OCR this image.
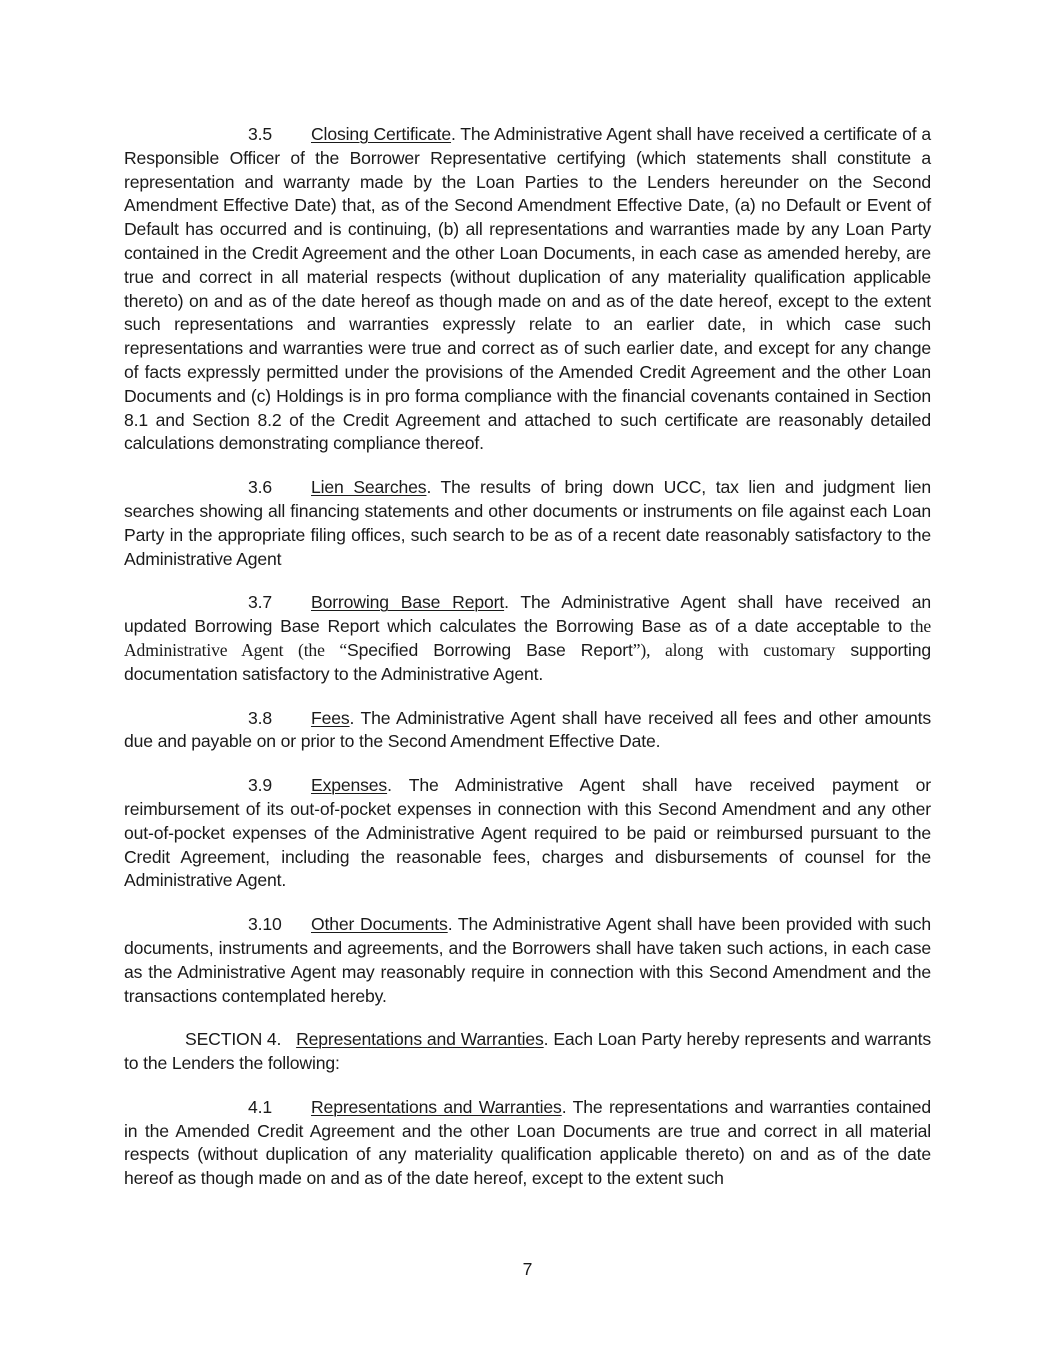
3.5 Closing Certificate. The Administrative Agent shall have received a certificate of a Responsible Officer of the Borrower Representative certifying (which statements shall constitute a representation and warranty made by the Loan Parties to the Lenders hereunder on the Second Amendment Effective Date) that, as of the Second Amendment Effective Date, (a) no Default or Event of Default has occurred and is continuing, (b) all representations and warranties made by any Loan Party contained in the Credit Agreement and the other Loan Documents, in each case as amended hereby, are true and correct in all material respects (without duplication of any materiality qualification applicable thereto) on and as of the date hereof as though made on and as of the date hereof, except to the extent such representations and warranties expressly relate to an earlier date, in which case such representations and warranties were true and correct as of such earlier date, and except for any change of facts expressly permitted under the provisions of the Amended Credit Agreement and the other Loan Documents and (c) Holdings is in pro forma compliance with the financial covenants contained in Section 8.1 and Section 8.2 of the Credit Agreement and attached to such certificate are reasonably detailed calculations demonstrating compliance thereof.

3.6 Lien Searches. The results of bring down UCC, tax lien and judgment lien searches showing all financing statements and other documents or instruments on file against each Loan Party in the appropriate filing offices, such search to be as of a recent date reasonably satisfactory to the Administrative Agent

3.7 Borrowing Base Report. The Administrative Agent shall have received an updated Borrowing Base Report which calculates the Borrowing Base as of a date acceptable to the Administrative Agent (the “Specified Borrowing Base Report”), along with customary supporting documentation satisfactory to the Administrative Agent.

3.8 Fees. The Administrative Agent shall have received all fees and other amounts due and payable on or prior to the Second Amendment Effective Date.

3.9 Expenses. The Administrative Agent shall have received payment or reimbursement of its out-of-pocket expenses in connection with this Second Amendment and any other out-of-pocket expenses of the Administrative Agent required to be paid or reimbursed pursuant to the Credit Agreement, including the reasonable fees, charges and disbursements of counsel for the Administrative Agent.

3.10 Other Documents. The Administrative Agent shall have been provided with such documents, instruments and agreements, and the Borrowers shall have taken such actions, in each case as the Administrative Agent may reasonably require in connection with this Second Amendment and the transactions contemplated hereby.

SECTION 4. Representations and Warranties. Each Loan Party hereby represents and warrants to the Lenders the following:

4.1 Representations and Warranties. The representations and warranties contained in the Amended Credit Agreement and the other Loan Documents are true and correct in all material respects (without duplication of any materiality qualification applicable thereto) on and as of the date hereof as though made on and as of the date hereof, except to the extent such

7
